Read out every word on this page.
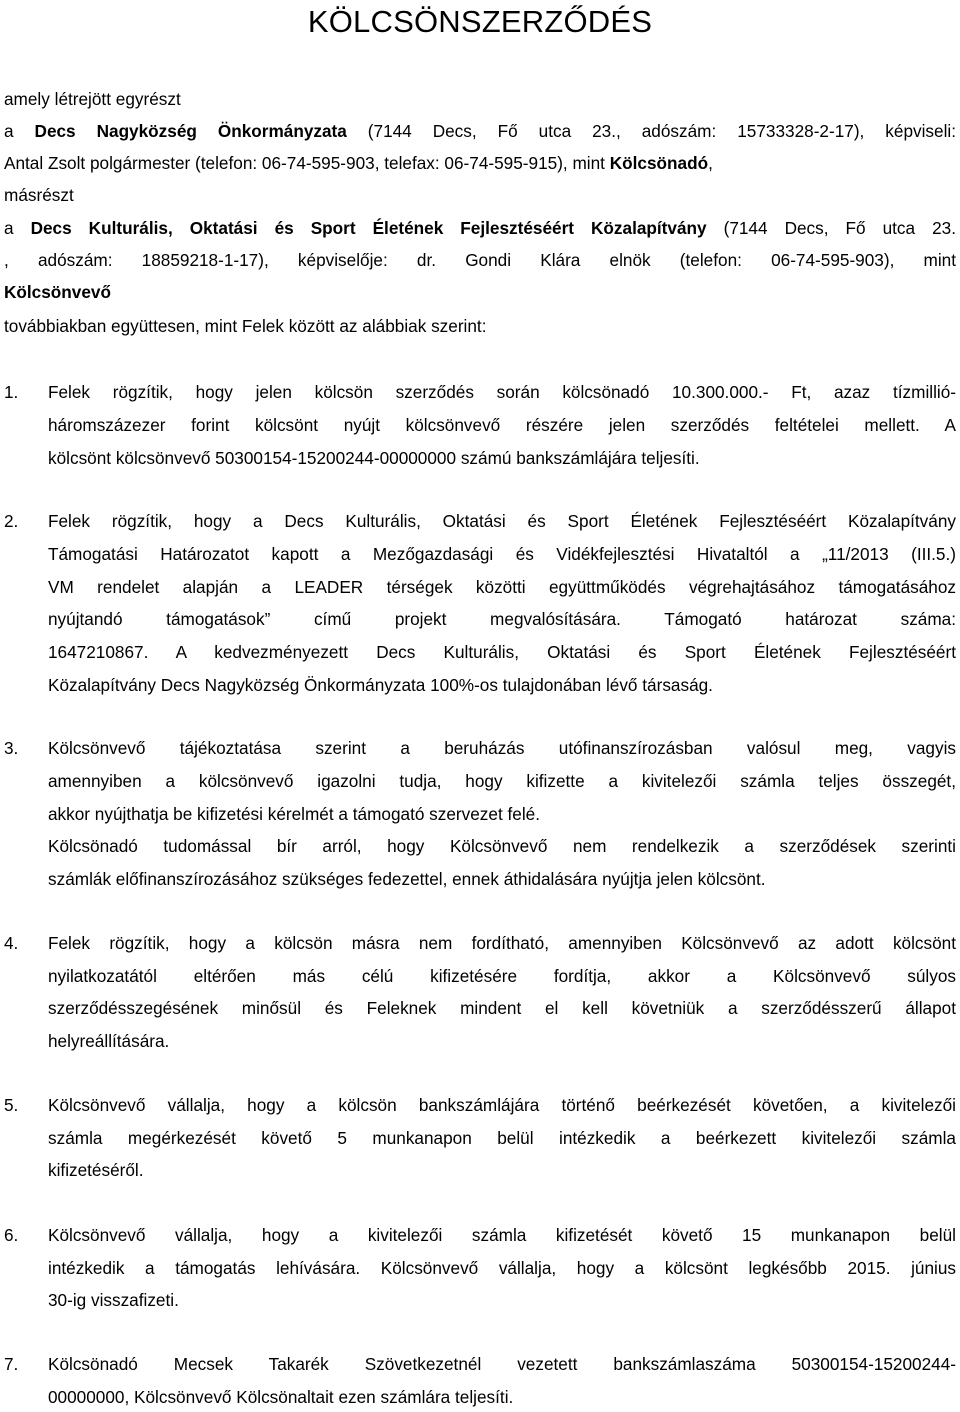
KÖLCSÖNSZERZŐDÉS
amely létrejött egyrészt
a Decs Nagyközség Önkormányzata (7144 Decs, Fő utca 23., adószám: 15733328-2-17), képviseli:
Antal Zsolt polgármester (telefon: 06-74-595-903, telefax: 06-74-595-915), mint Kölcsönadó,
másrészt
a Decs Kulturális, Oktatási és Sport Életének Fejlesztéséért Közalapítvány (7144 Decs, Fő utca 23.
, adószám: 18859218-1-17), képviselője: dr. Gondi Klára elnök (telefon: 06-74-595-903), mint
Kölcsönvevő
továbbiakban együttesen, mint Felek között az alábbiak szerint:
1. Felek rögzítik, hogy jelen kölcsön szerződés során kölcsönadó 10.300.000.- Ft, azaz tízmillió-
háromszázezer forint kölcsönt nyújt kölcsönvevő részére jelen szerződés feltételei mellett. A
kölcsönt kölcsönvevő 50300154-15200244-00000000 számú bankszámlájára teljesíti.
2. Felek rögzítik, hogy a Decs Kulturális, Oktatási és Sport Életének Fejlesztéséért Közalapítvány
Támogatási Határozatot kapott a Mezőgazdasági és Vidékfejlesztési Hivataltól a „11/2013 (III.5.)
VM rendelet alapján a LEADER térségek közötti együttműködés végrehajtásához támogatásához
nyújtandó támogatások” című projekt megvalósítására. Támogató határozat száma:
1647210867. A kedvezményezett Decs Kulturális, Oktatási és Sport Életének Fejlesztéséért
Közalapítvány Decs Nagyközség Önkormányzata 100%-os tulajdonában lévő társaság.
3. Kölcsönvevő tájékoztatása szerint a beruházás utófinanszírozásban valósul meg, vagyis
amennyiben a kölcsönvevő igazolni tudja, hogy kifizette a kivitelezői számla teljes összegét,
akkor nyújthatja be kifizetési kérelmét a támogató szervezet felé.
Kölcsönadó tudomással bír arról, hogy Kölcsönvevő nem rendelkezik a szerződések szerinti
számlák előfinanszírozásához szükséges fedezettel, ennek áthidalására nyújtja jelen kölcsönt.
4. Felek rögzítik, hogy a kölcsön másra nem fordítható, amennyiben Kölcsönvevő az adott kölcsönt
nyilatkozatától eltérően más célú kifizetésére fordítja, akkor a Kölcsönvevő súlyos
szerződésszegésének minősül és Feleknek mindent el kell követniük a szerződésszerű állapot
helyreállítására.
5. Kölcsönvevő vállalja, hogy a kölcsön bankszámlájára történő beérkezését követően, a kivitelezői
számla megérkezését követő 5 munkanapon belül intézkedik a beérkezett kivitelezői számla
kifizetéséről.
6. Kölcsönvevő vállalja, hogy a kivitelezői számla kifizetését követő 15 munkanapon belül
intézkedik a támogatás lehívására. Kölcsönvevő vállalja, hogy a kölcsönt legkésőbb 2015. június
30-ig visszafizeti.
7. Kölcsönadó Mecsek Takarék Szövetkezetnél vezetett bankszámlaszáma 50300154-15200244-
00000000, Kölcsönvevő Kölcsönaltait ezen számlára teljesíti.
